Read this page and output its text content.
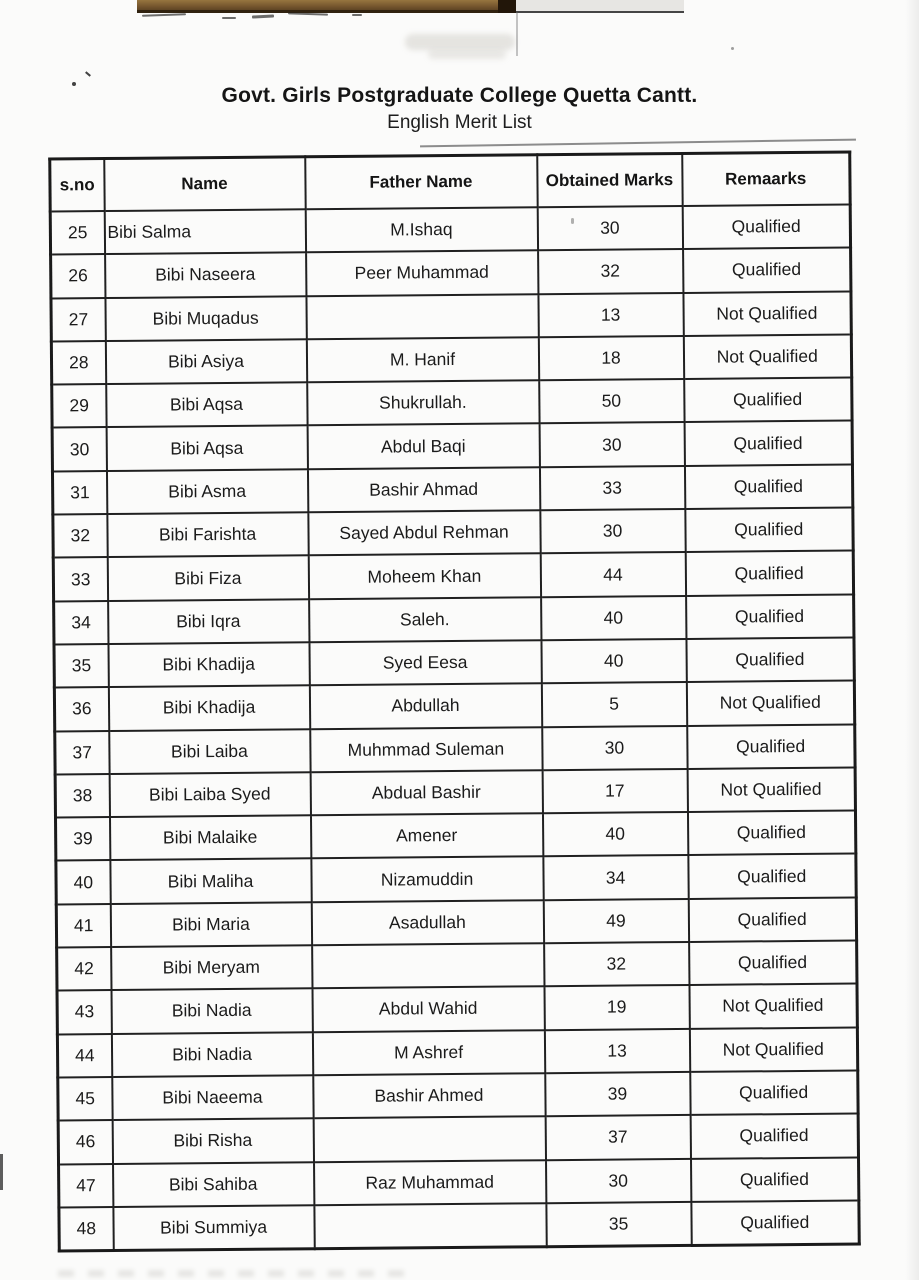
Govt. Girls Postgraduate College Quetta Cantt.
English Merit List
s.no	Name	Father Name	Obtained Marks	Remaarks
25	Bibi Salma	M.Ishaq	30	Qualified
26	Bibi Naseera	Peer Muhammad	32	Qualified
27	Bibi Muqadus		13	Not Qualified
28	Bibi Asiya	M. Hanif	18	Not Qualified
29	Bibi Aqsa	Shukrullah.	50	Qualified
30	Bibi Aqsa	Abdul Baqi	30	Qualified
31	Bibi Asma	Bashir Ahmad	33	Qualified
32	Bibi Farishta	Sayed Abdul Rehman	30	Qualified
33	Bibi Fiza	Moheem Khan	44	Qualified
34	Bibi Iqra	Saleh.	40	Qualified
35	Bibi Khadija	Syed Eesa	40	Qualified
36	Bibi Khadija	Abdullah	5	Not Qualified
37	Bibi Laiba	Muhmmad Suleman	30	Qualified
38	Bibi Laiba Syed	Abdual Bashir	17	Not Qualified
39	Bibi Malaike	Amener	40	Qualified
40	Bibi Maliha	Nizamuddin	34	Qualified
41	Bibi Maria	Asadullah	49	Qualified
42	Bibi Meryam		32	Qualified
43	Bibi Nadia	Abdul Wahid	19	Not Qualified
44	Bibi Nadia	M Ashref	13	Not Qualified
45	Bibi Naeema	Bashir Ahmed	39	Qualified
46	Bibi Risha		37	Qualified
47	Bibi Sahiba	Raz Muhammad	30	Qualified
48	Bibi Summiya		35	Qualified
